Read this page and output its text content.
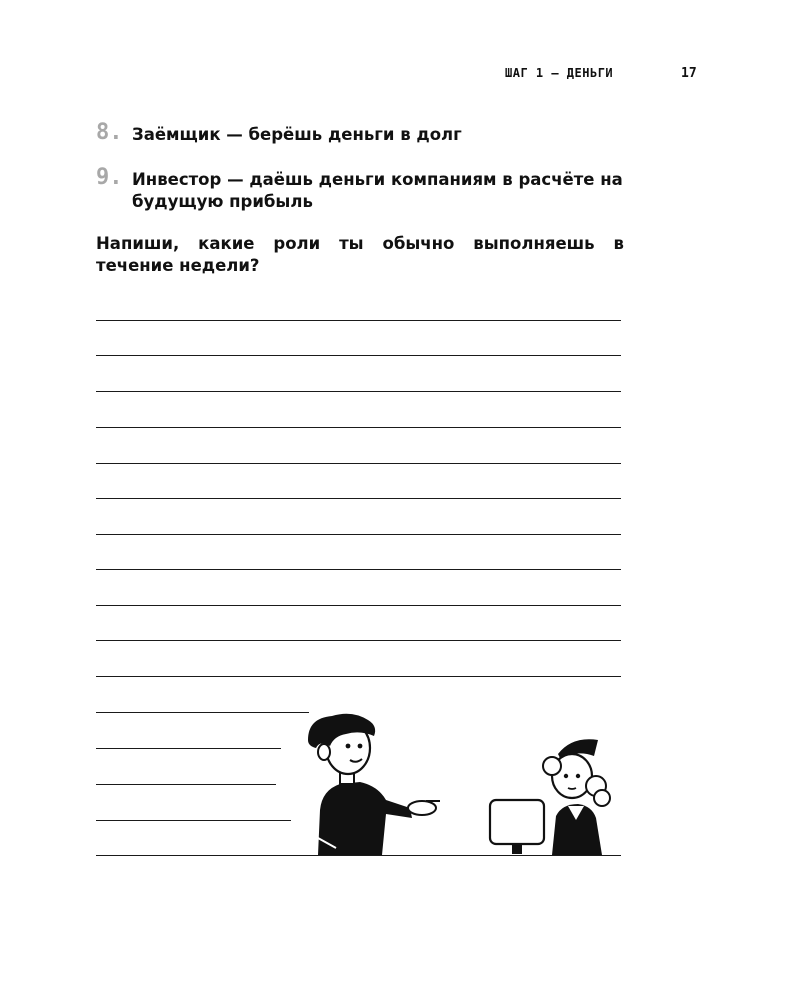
ШАГ 1 — ДЕНЬГИ	17
8. Заёмщик — берёшь деньги в долг
9. Инвестор — даёшь деньги компаниям в расчёте на будущую прибыль
Напиши, какие роли ты обычно выполняешь в течение недели?
